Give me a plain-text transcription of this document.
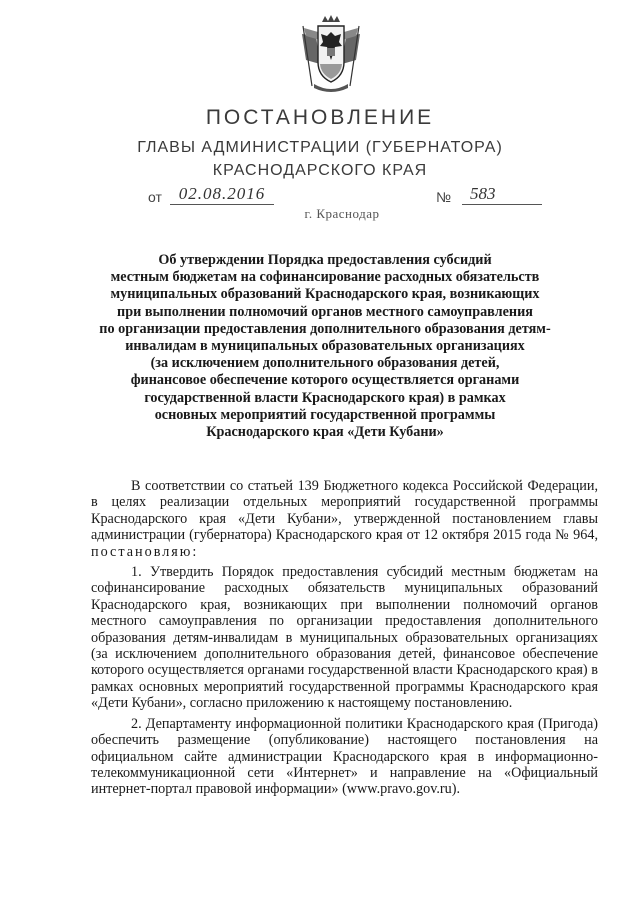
ПОСТАНОВЛЕНИЕ
ГЛАВЫ АДМИНИСТРАЦИИ (ГУБЕРНАТОРА)
КРАСНОДАРСКОГО КРАЯ
от 02.08.2016	№	583
г. Краснодар
Об утверждении Порядка предоставления субсидий
местным бюджетам на софинансирование расходных обязательств
муниципальных образований Краснодарского края, возникающих
при выполнении полномочий органов местного самоуправления
по организации предоставления дополнительного образования детям-
инвалидам в муниципальных образовательных организациях
(за исключением дополнительного образования детей,
финансовое обеспечение которого осуществляется органами
государственной власти Краснодарского края) в рамках
основных мероприятий государственной программы
Краснодарского края «Дети Кубани»

В соответствии со статьей 139 Бюджетного кодекса Российской Федерации, в целях реализации отдельных мероприятий государственной программы Краснодарского края «Дети Кубани», утвержденной постановлением главы администрации (губернатора) Краснодарского края от 12 октября 2015 года № 964, постановляю:

1. Утвердить Порядок предоставления субсидий местным бюджетам на софинансирование расходных обязательств муниципальных образований Краснодарского края, возникающих при выполнении полномочий органов местного самоуправления по организации предоставления дополнительного образования детям-инвалидам в муниципальных образовательных организациях (за исключением дополнительного образования детей, финансовое обеспечение которого осуществляется органами государственной власти Краснодарского края) в рамках основных мероприятий государственной программы Краснодарского края «Дети Кубани», согласно приложению к настоящему постановлению.

2. Департаменту информационной политики Краснодарского края (Пригода) обеспечить размещение (опубликование) настоящего постановления на официальном сайте администрации Краснодарского края в информационно-телекоммуникационной сети «Интернет» и направление на «Официальный интернет-портал правовой информации» (www.pravo.gov.ru).
